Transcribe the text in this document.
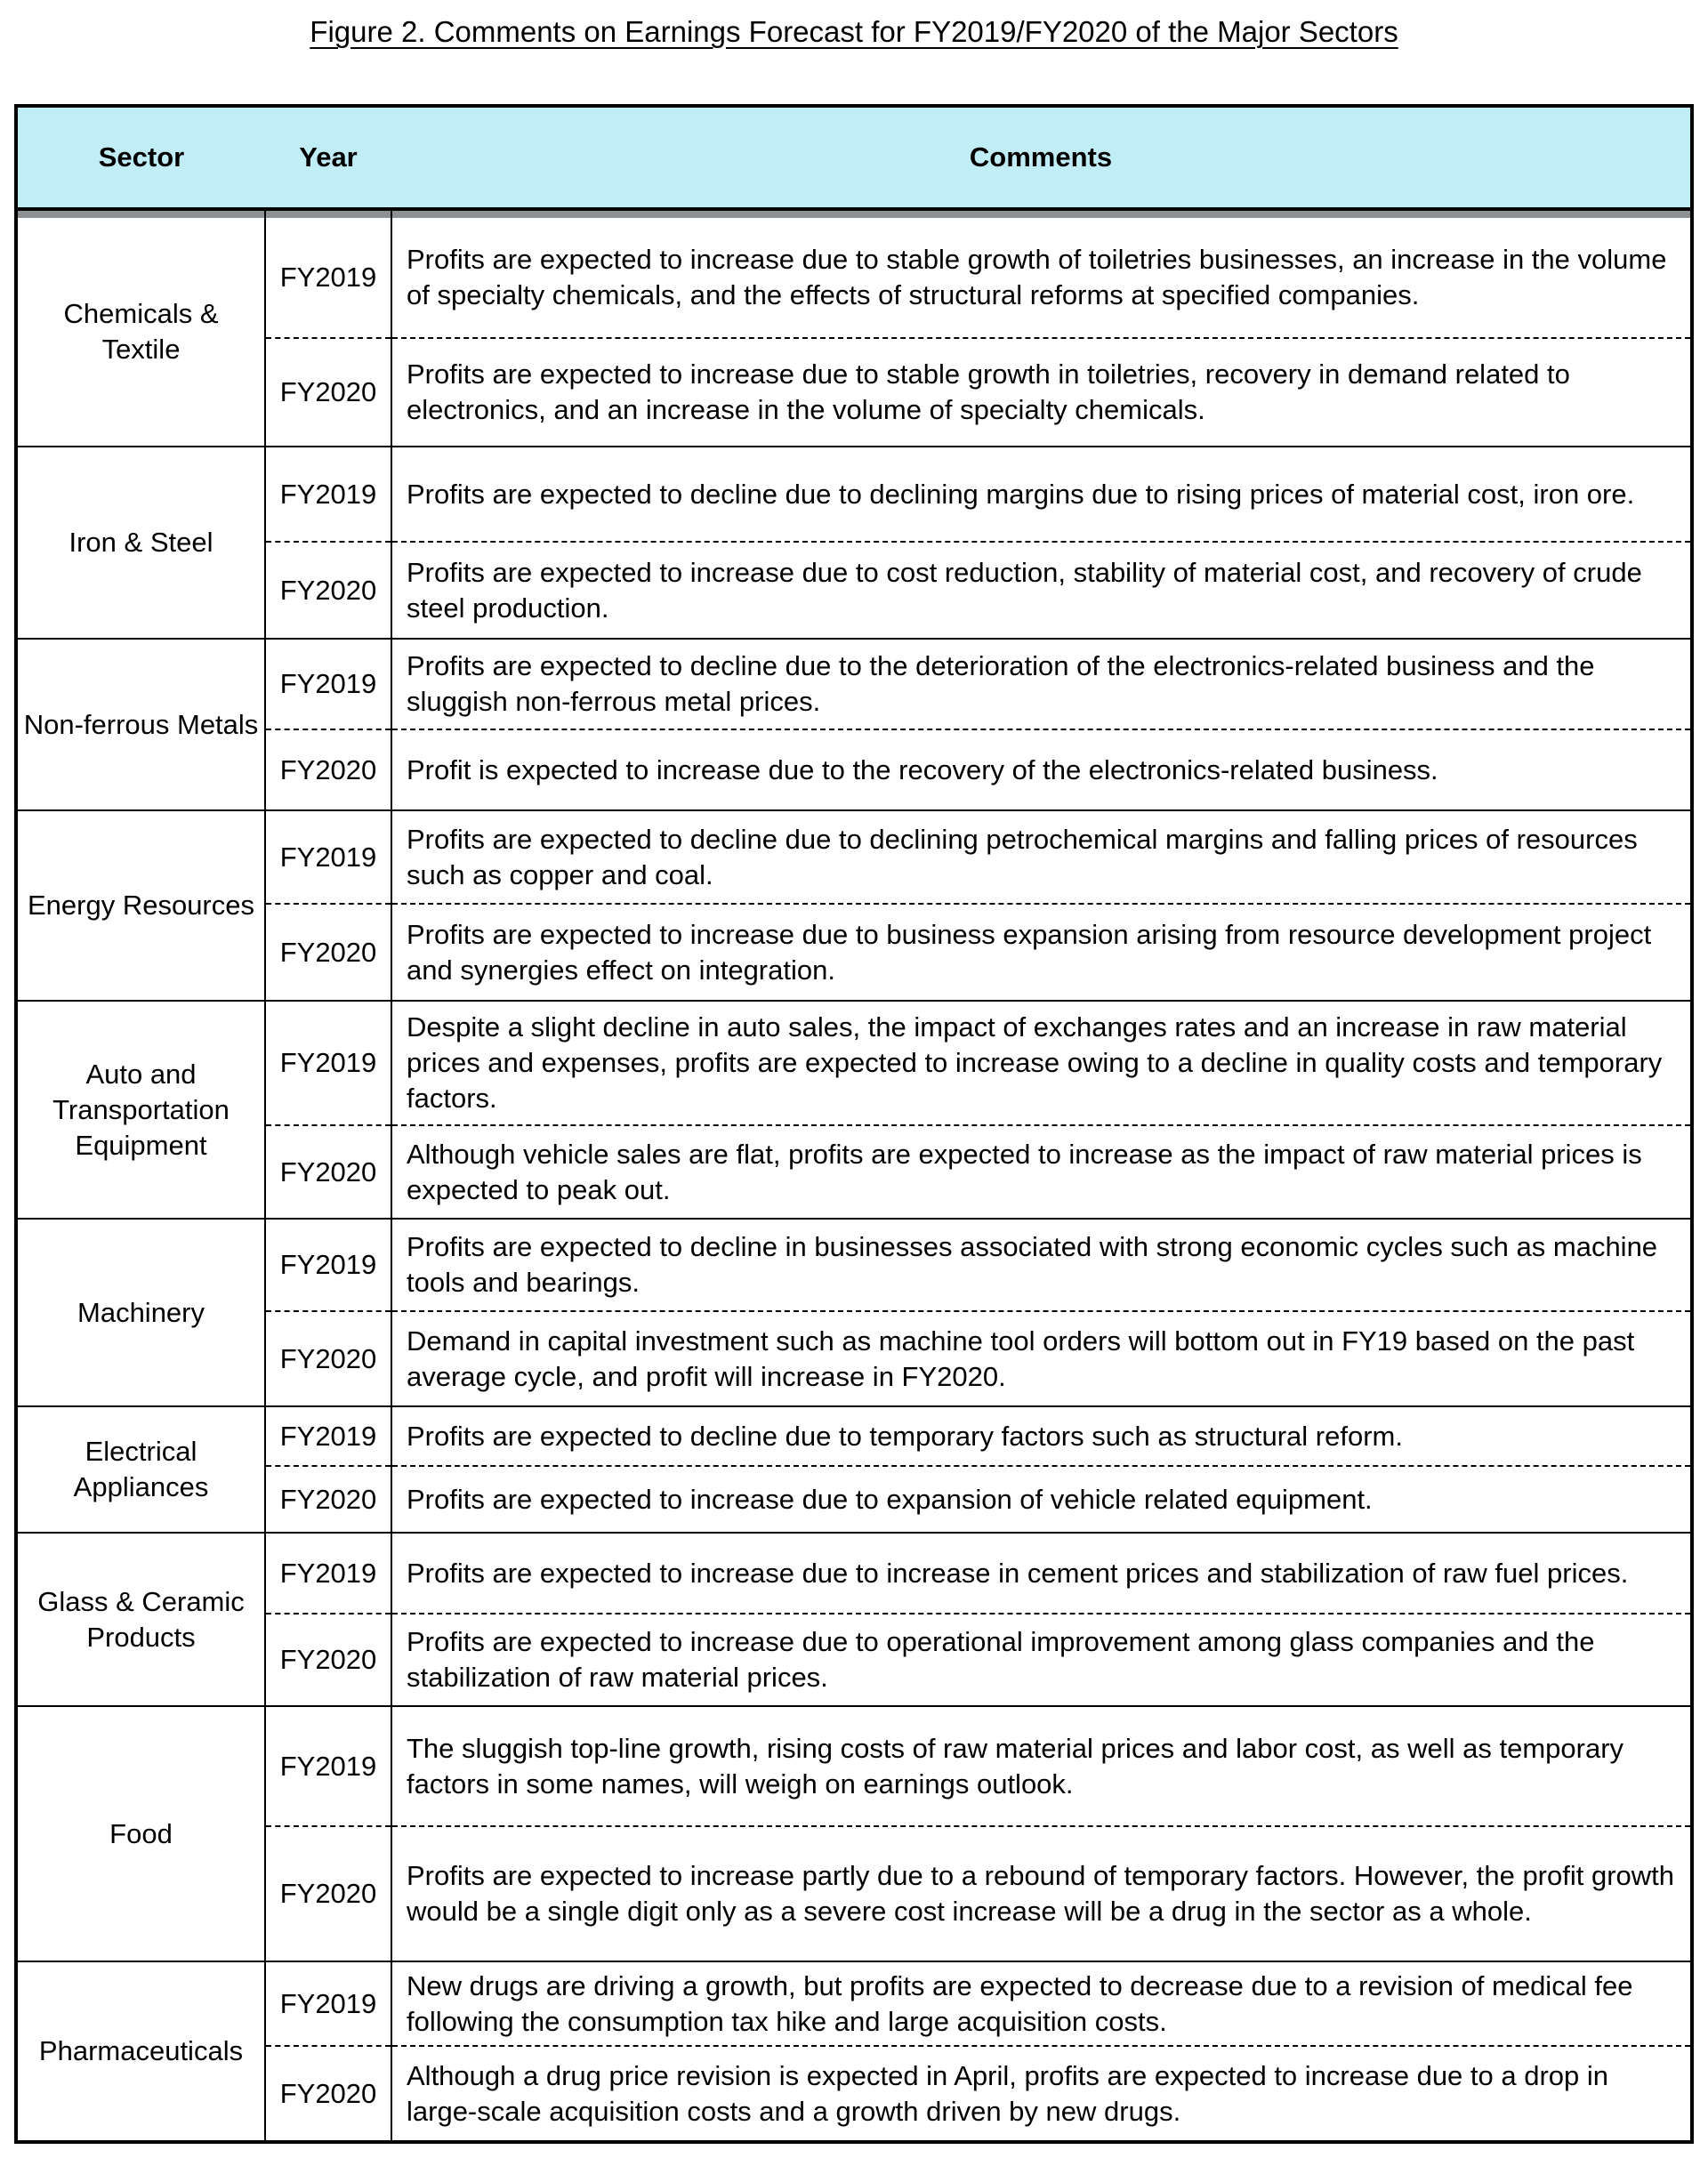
Figure 2. Comments on Earnings Forecast for FY2019/FY2020 of the Major Sectors
Sector	Year	Comments

Chemicals & Textile	FY2019	Profits are expected to increase due to stable growth of toiletries businesses, an increase in the volume of specialty chemicals, and the effects of structural reforms at specified companies.
	FY2020	Profits are expected to increase due to stable growth in toiletries, recovery in demand related to electronics, and an increase in the volume of specialty chemicals.
Iron & Steel	FY2019	Profits are expected to decline due to declining margins due to rising prices of material cost, iron ore.
	FY2020	Profits are expected to increase due to cost reduction, stability of material cost, and recovery of crude steel production.
Non-ferrous Metals	FY2019	Profits are expected to decline due to the deterioration of the electronics-related business and the sluggish non-ferrous metal prices.
	FY2020	Profit is expected to increase due to the recovery of the electronics-related business.
Energy Resources	FY2019	Profits are expected to decline due to declining petrochemical margins and falling prices of resources such as copper and coal.
	FY2020	Profits are expected to increase due to business expansion arising from resource development project and synergies effect on integration.
Auto and Transportation Equipment	FY2019	Despite a slight decline in auto sales, the impact of exchanges rates and an increase in raw material prices and expenses, profits are expected to increase owing to a decline in quality costs and temporary factors.
	FY2020	Although vehicle sales are flat, profits are expected to increase as the impact of raw material prices is expected to peak out.
Machinery	FY2019	Profits are expected to decline in businesses associated with strong economic cycles such as machine tools and bearings.
	FY2020	Demand in capital investment such as machine tool orders will bottom out in FY19 based on the past average cycle, and profit will increase in FY2020.
Electrical Appliances	FY2019	Profits are expected to decline due to temporary factors such as structural reform.
	FY2020	Profits are expected to increase due to expansion of vehicle related equipment.
Glass & Ceramic Products	FY2019	Profits are expected to increase due to increase in cement prices and stabilization of raw fuel prices.
	FY2020	Profits are expected to increase due to operational improvement among glass companies and the stabilization of raw material prices.
Food	FY2019	The sluggish top-line growth, rising costs of raw material prices and labor cost, as well as temporary factors in some names, will weigh on earnings outlook.
	FY2020	Profits are expected to increase partly due to a rebound of temporary factors. However, the profit growth would be a single digit only as a severe cost increase will be a drug in the sector as a whole.
Pharmaceuticals	FY2019	New drugs are driving a growth, but profits are expected to decrease due to a revision of medical fee following the consumption tax hike and large acquisition costs.
	FY2020	Although a drug price revision is expected in April, profits are expected to increase due to a drop in large-scale acquisition costs and a growth driven by new drugs.
